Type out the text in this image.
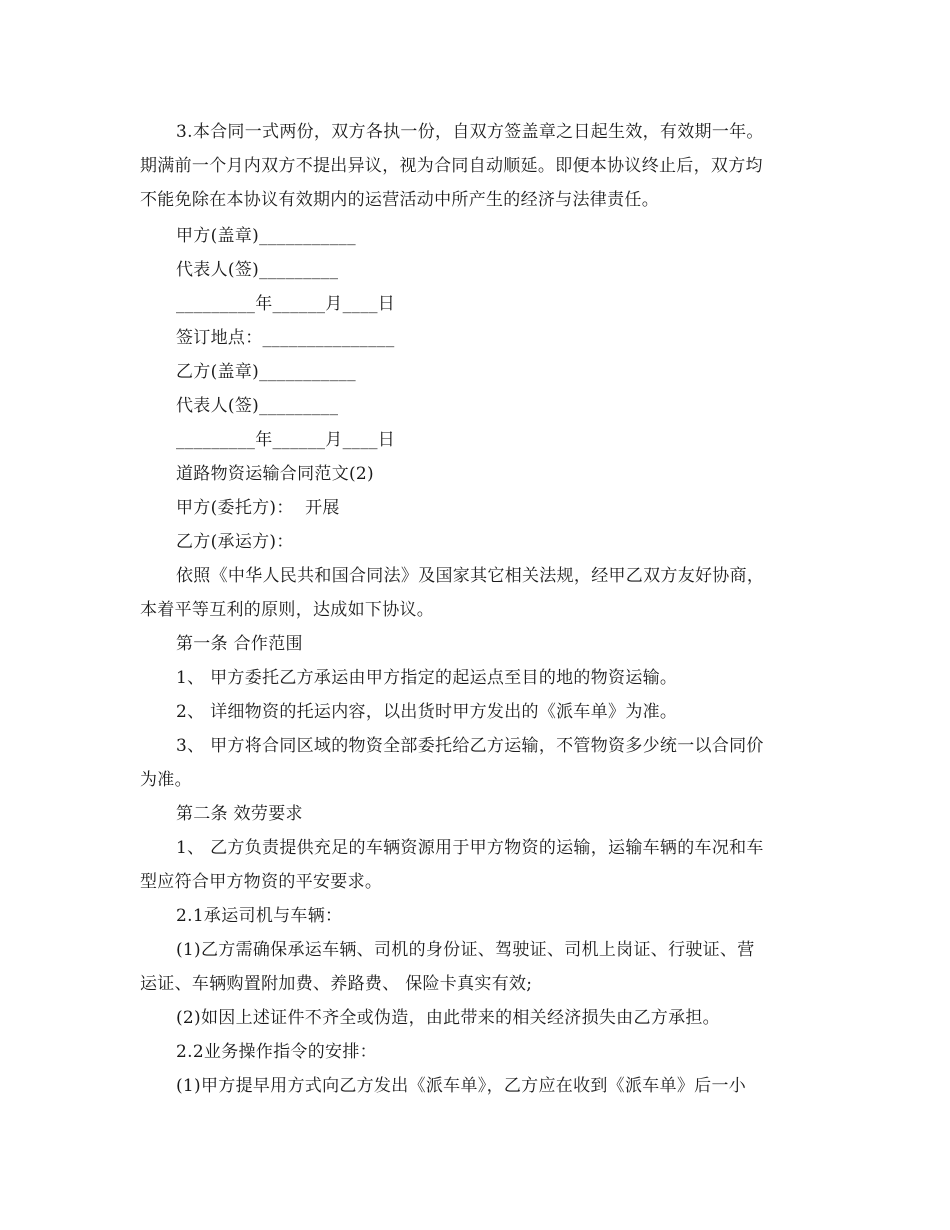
3.本合同一式两份，双方各执一份，自双方签盖章之日起生效，有效期一年。
期满前一个月内双方不提出异议，视为合同自动顺延。即便本协议终止后，双方均
不能免除在本协议有效期内的运营活动中所产生的经济与法律责任。
甲方(盖章)___________
代表人(签)_________
_________年______月____日
签订地点：_______________
乙方(盖章)___________
代表人(签)_________
_________年______月____日
道路物资运输合同范文(2)
甲方(委托方)：  开展
乙方(承运方)：
依照《中华人民共和国合同法》及国家其它相关法规，经甲乙双方友好协商，
本着平等互利的原则，达成如下协议。
第一条 合作范围
1、 甲方委托乙方承运由甲方指定的起运点至目的地的物资运输。
2、 详细物资的托运内容，以出货时甲方发出的《派车单》为准。
3、 甲方将合同区域的物资全部委托给乙方运输，不管物资多少统一以合同价
为准。
第二条 效劳要求
1、 乙方负责提供充足的车辆资源用于甲方物资的运输，运输车辆的车况和车
型应符合甲方物资的平安要求。
2.1承运司机与车辆：
(1)乙方需确保承运车辆、司机的身份证、驾驶证、司机上岗证、行驶证、营
运证、车辆购置附加费、养路费、 保险卡真实有效;
(2)如因上述证件不齐全或伪造，由此带来的相关经济损失由乙方承担。
2.2业务操作指令的安排：
(1)甲方提早用方式向乙方发出《派车单》，乙方应在收到《派车单》后一小
